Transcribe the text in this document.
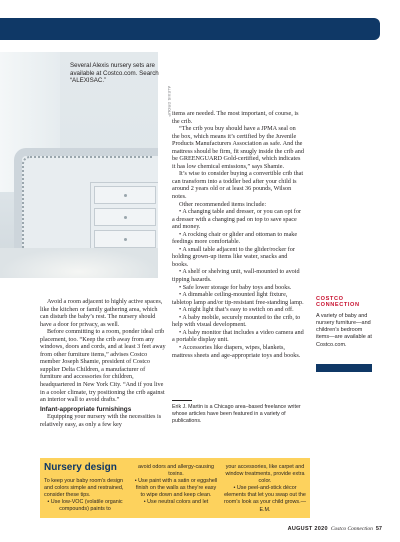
Several Alexis nursery sets are available at Costco.com. Search “ALEXISAC.”
ALEXIS GROUP

Avoid a room adjacent to highly active spaces, like the kitchen or family gathering area, which can disturb the baby’s rest. The nursery should have a door for privacy, as well.

Before committing to a room, ponder ideal crib placement, too. “Keep the crib away from any windows, doors and cords, and at least 3 feet away from other furniture items,” advises Costco member Joseph Shamie, president of Costco supplier Delta Children, a manufacturer of furniture and accessories for children, headquartered in New York City. “And if you live in a cooler climate, try positioning the crib against an interior wall to avoid drafts.”

Infant-appropriate furnishings

Equipping your nursery with the necessities is relatively easy, as only a few key

items are needed. The most important, of course, is the crib.

“The crib you buy should have a JPMA seal on the box, which means it’s certified by the Juvenile Products Manufacturers Association as safe. And the mattress should be firm, fit snugly inside the crib and be GREENGUARD Gold-certified, which indicates it has low chemical emissions,” says Shamie.

It’s wise to consider buying a convertible crib that can transform into a toddler bed after your child is around 2 years old or at least 36 pounds, Wilson notes.

Other recommended items include:

• A changing table and dresser, or you can opt for a dresser with a changing pad on top to save space and money.

• A rocking chair or glider and ottoman to make feedings more comfortable.

• A small table adjacent to the glider/rocker for holding grown-up items like water, snacks and books.

• A shelf or shelving unit, wall-mounted to avoid tipping hazards.

• Safe lower storage for baby toys and books.

• A dimmable ceiling-mounted light fixture, tabletop lamp and/or tip-resistant free-standing lamp.

• A night light that’s easy to switch on and off.

• A baby mobile, securely mounted to the crib, to help with visual development.

• A baby monitor that includes a video camera and a portable display unit.

• Accessories like diapers, wipes, blankets, mattress sheets and age-appropriate toys and books.

Erik J. Martin is a Chicago area–based freelance writer whose articles have been featured in a variety of publications.
COSTCO CONNECTION
A variety of baby and nursery furniture—and children’s bedroom items—are available at Costco.com.
Nursery design

To keep your baby room’s design and colors simple and restrained, consider these tips.

• Use low-VOC (volatile organic compounds) paints to

avoid odors and allergy-causing toxins.

• Use paint with a satin or eggshell finish on the walls as they’re easy to wipe down and keep clean.

• Use neutral colors and let

your accessories, like carpet and window treatments, provide extra color.

• Use peel-and-stick décor elements that let you swap out the room’s look as your child grows.—E.M.

AUGUST 2020 Costco Connection 57
